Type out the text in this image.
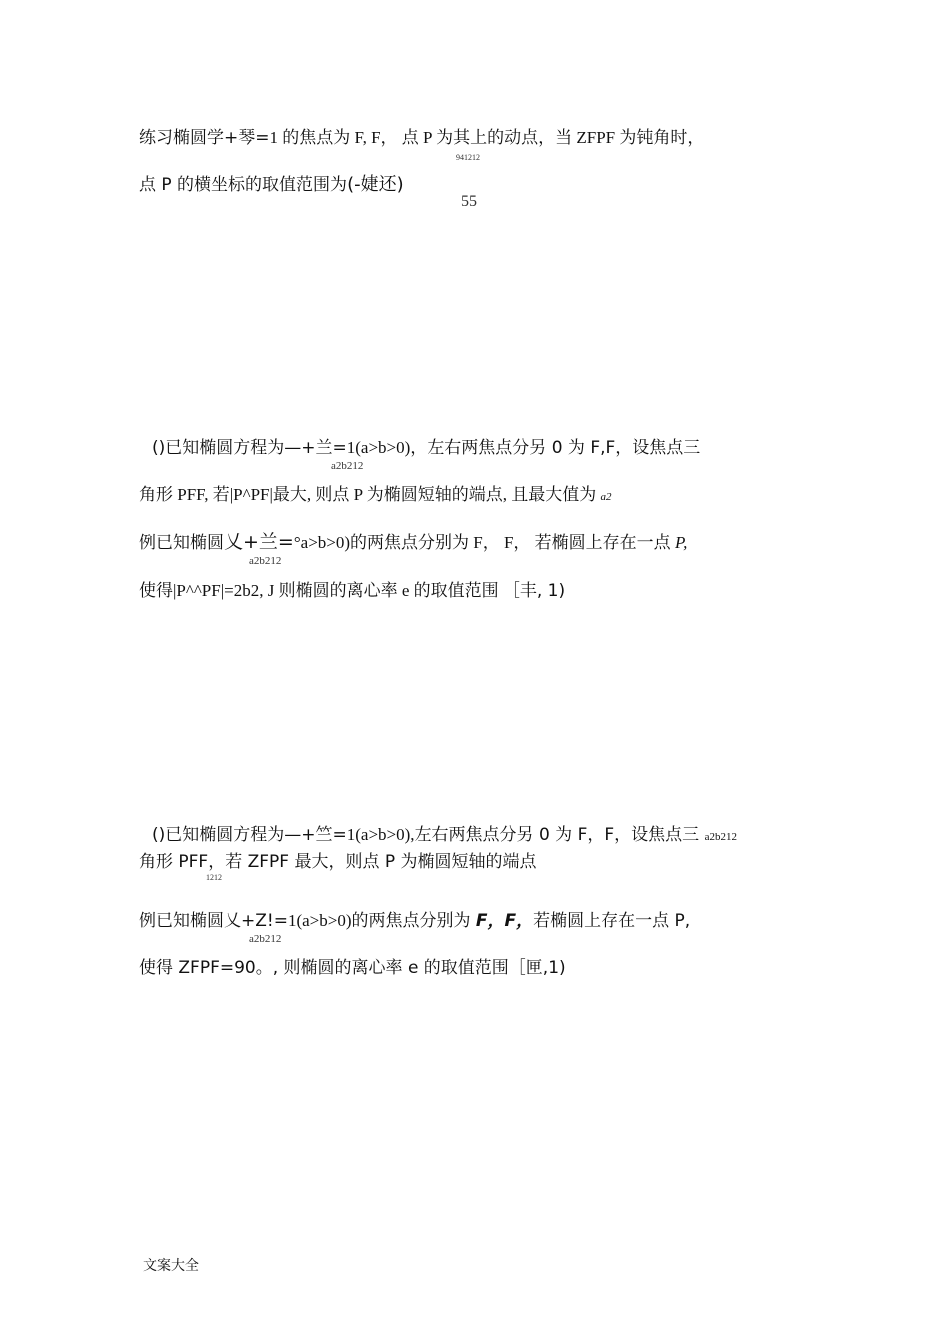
练习椭圆学+琴=1 的焦点为 F, F， 点 P 为其上的动点，当 ZFPF 为钝角时，
941212
点 P 的横坐标的取值范围为(-婕还)
55
()已知椭圆方程为—+兰=1(a>b>0)，左右两焦点分另 0 为 F,F，设焦点三
a2b212
角形 PFF, 若|P^PF|最大, 则点 P 为椭圆短轴的端点, 且最大值为 a2
例已知椭圆乂+兰=°a>b>0)的两焦点分别为 F， F， 若椭圆上存在一点 P,
a2b212
使得|P^^PF|=2b2, J 则椭圆的离心率 e 的取值范围 ［丰, 1)
()已知椭圆方程为—+竺=1(a>b>0),左右两焦点分另 0 为 F，F，设焦点三 a2b212
角形 PFF，若 ZFPF 最大，则点 P 为椭圆短轴的端点
1212
例已知椭圆乂+Z!=1(a>b>0)的两焦点分别为 F，F，若椭圆上存在一点 P,
a2b212
使得 ZFPF=90。, 则椭圆的离心率 e 的取值范围［匣,1)
文案大全
